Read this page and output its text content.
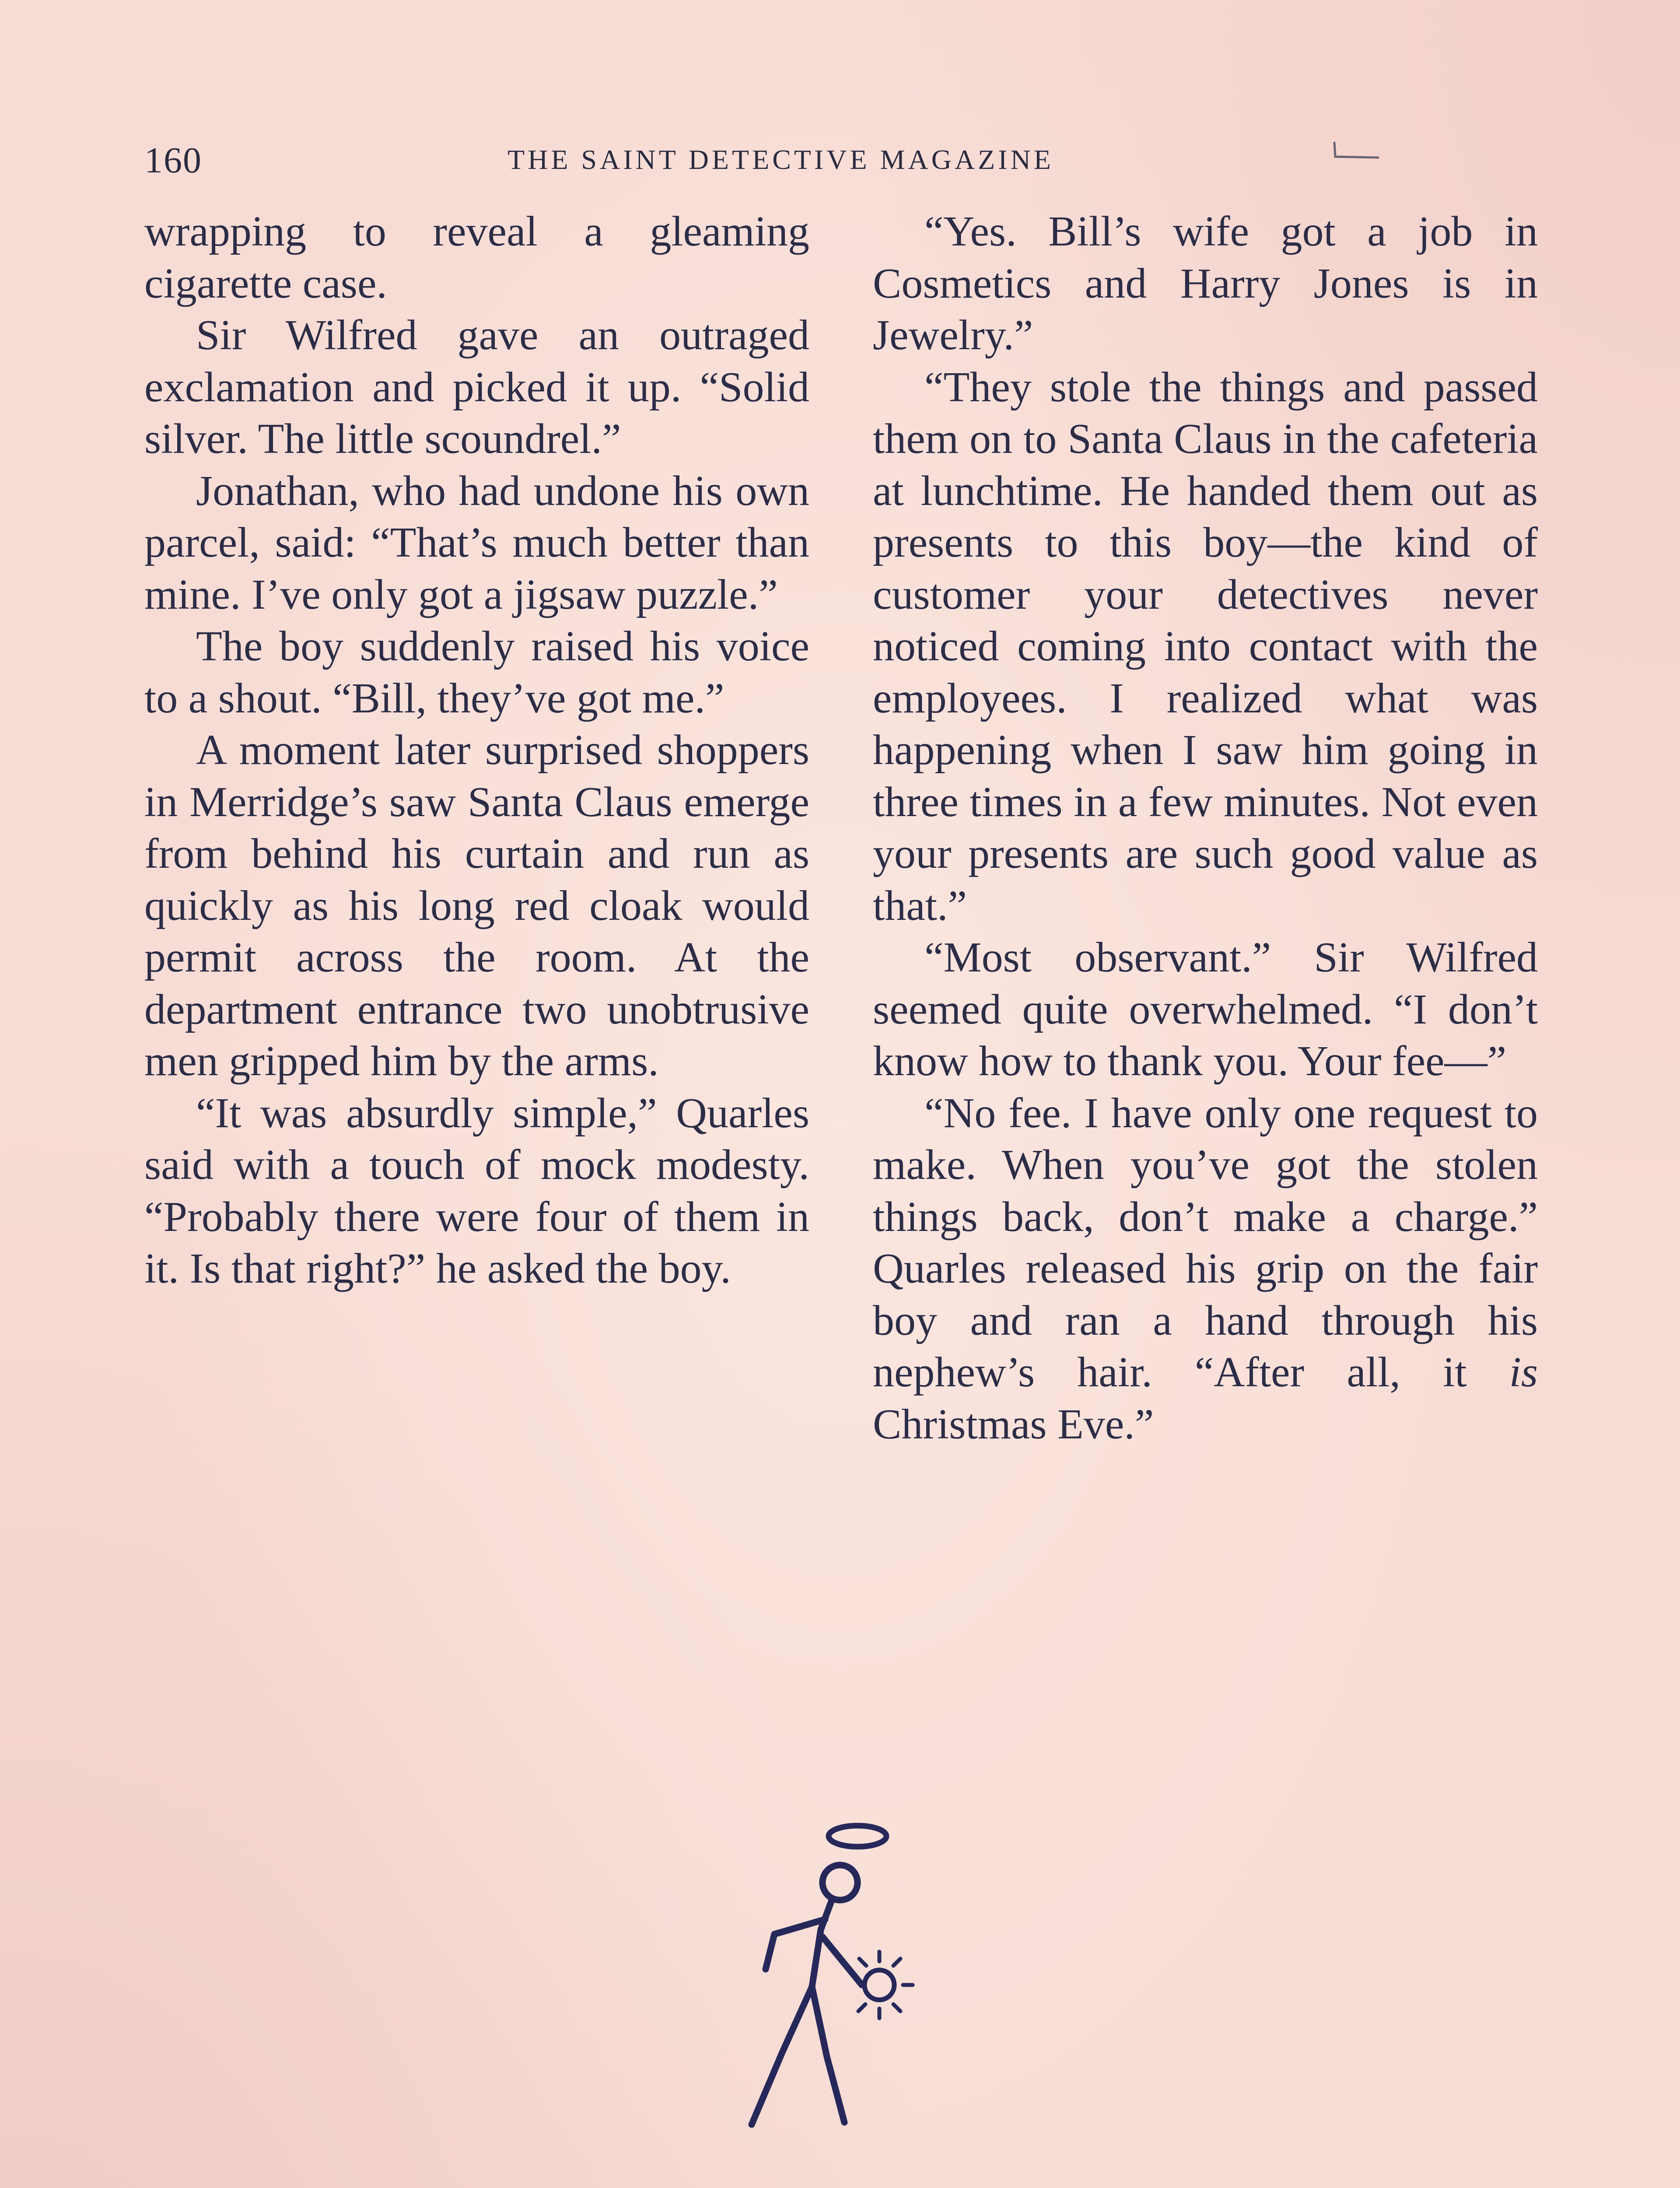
160	THE SAINT DETECTIVE MAGAZINE

wrapping to reveal a gleaming cigarette case.

Sir Wilfred gave an outraged exclamation and picked it up. “Solid silver. The little scoundrel.”

Jonathan, who had undone his own parcel, said: “That’s much better than mine. I’ve only got a jigsaw puzzle.”

The boy suddenly raised his voice to a shout. “Bill, they’ve got me.”

A moment later surprised shoppers in Merridge’s saw Santa Claus emerge from behind his curtain and run as quickly as his long red cloak would permit across the room. At the department entrance two unobtrusive men gripped him by the arms.

“It was absurdly simple,” Quarles said with a touch of mock modesty. “Probably there were four of them in it. Is that right?” he asked the boy.

“Yes. Bill’s wife got a job in Cosmetics and Harry Jones is in Jewelry.”

“They stole the things and passed them on to Santa Claus in the cafeteria at lunchtime. He handed them out as presents to this boy—the kind of customer your detectives never noticed coming into contact with the employees. I realized what was happening when I saw him going in three times in a few minutes. Not even your presents are such good value as that.”

“Most observant.” Sir Wilfred seemed quite overwhelmed. “I don’t know how to thank you. Your fee—”

“No fee. I have only one request to make. When you’ve got the stolen things back, don’t make a charge.” Quarles released his grip on the fair boy and ran a hand through his nephew’s hair. “After all, it is Christmas Eve.”
